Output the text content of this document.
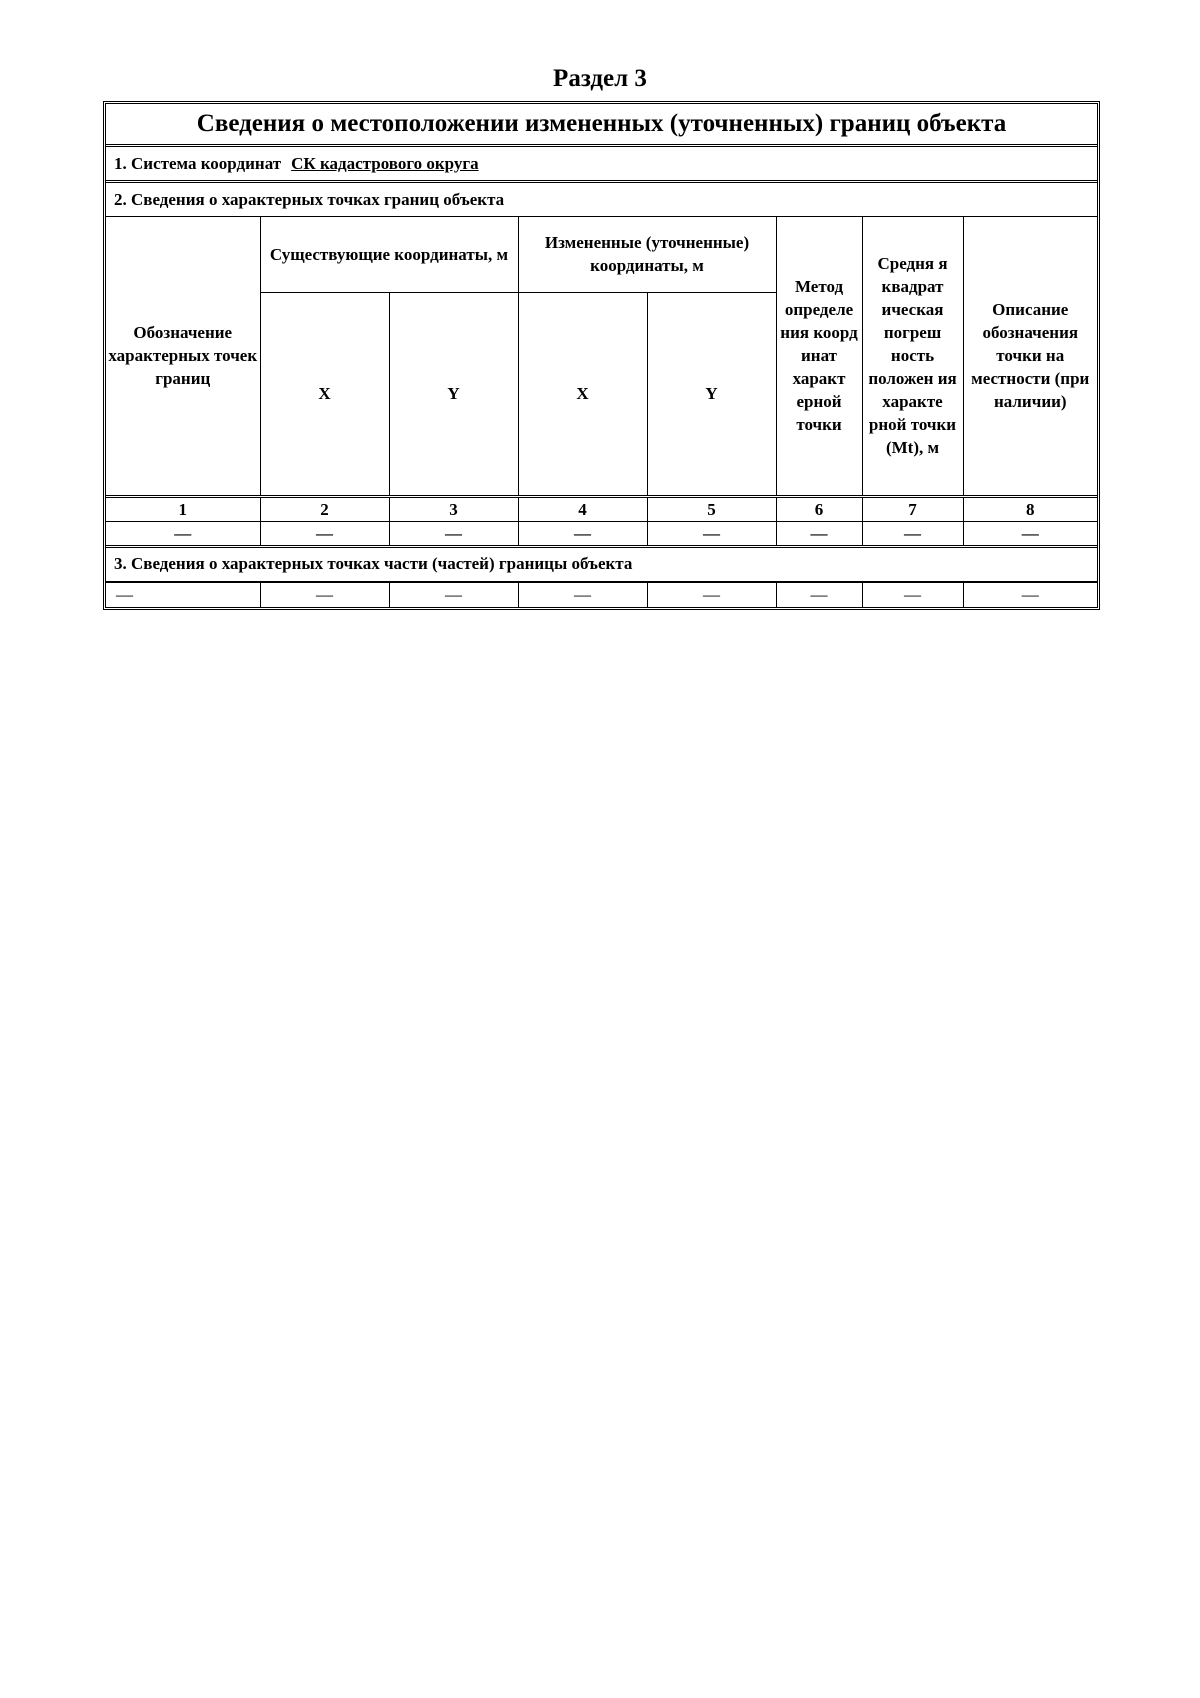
Раздел 3
Сведения о местоположении измененных (уточненных) границ объекта
1. Система координат СК кадастрового округа
2. Сведения о характерных точках границ объекта
Обозначение характерных точек границ	Существующие координаты, м		Измененные (уточненные) координаты, м		Метод определе ния коорд инат характ ерной точки	Средня я квадрат ическая погреш ность положен ия характе рной точки (Mt), м	Описание обозначения точки на местности (при наличии)
	X	Y	X	Y			
1	2	3	4	5	6	7	8
—	—	—	—	—	—	—	—
3. Сведения о характерных точках части (частей) границы объекта
—	—	—	—	—	—	—	—
